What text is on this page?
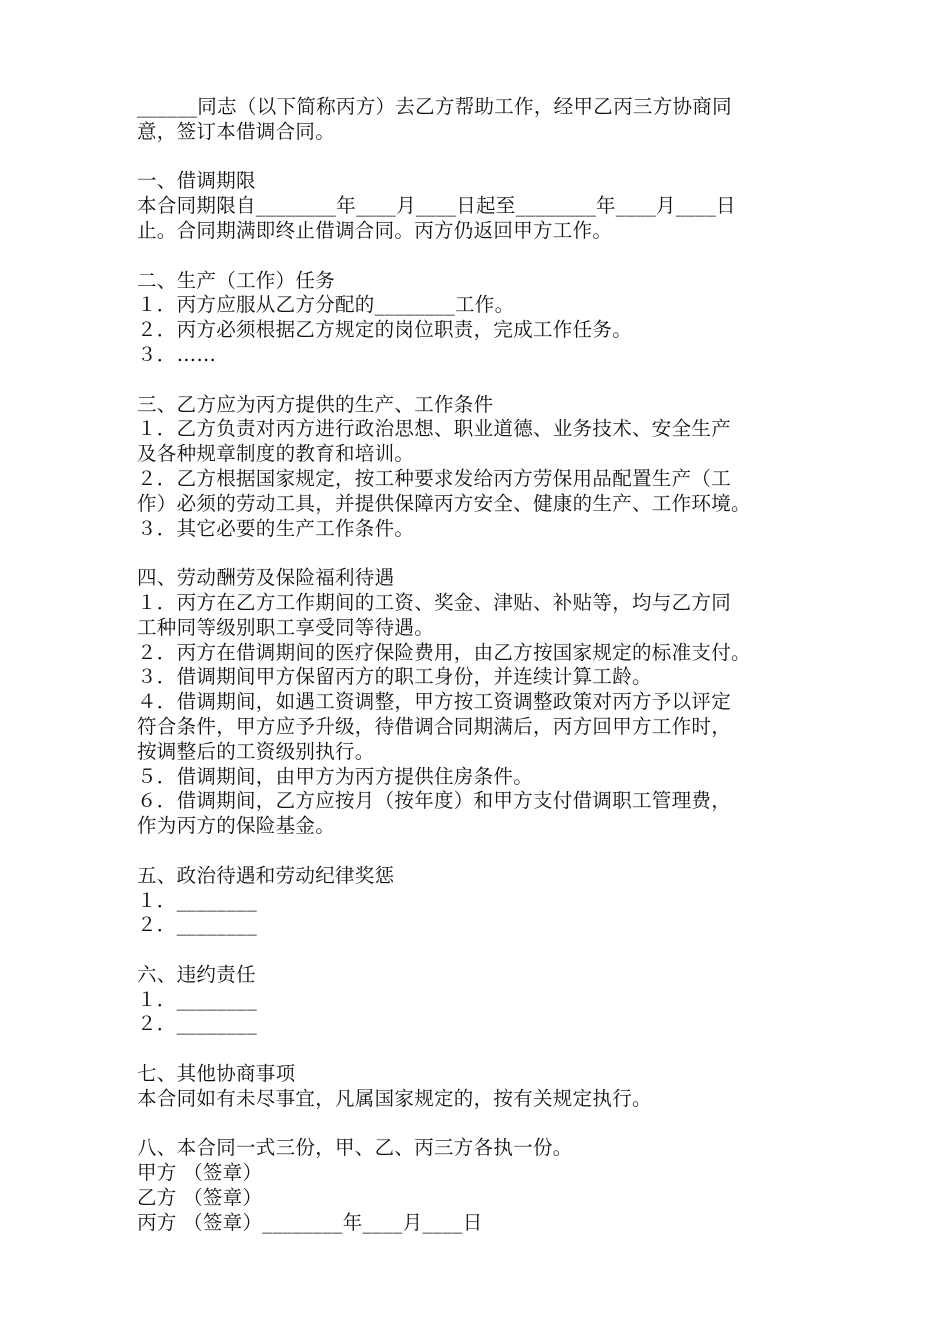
______同志（以下简称丙方）去乙方帮助工作，经甲乙丙三方协商同
意，签订本借调合同。
一、借调期限
本合同期限自________年____月____日起至________年____月____日
止。合同期满即终止借调合同。丙方仍返回甲方工作。
二、生产（工作）任务
１．丙方应服从乙方分配的________工作。
２．丙方必须根据乙方规定的岗位职责，完成工作任务。
３．……
三、乙方应为丙方提供的生产、工作条件
１．乙方负责对丙方进行政治思想、职业道德、业务技术、安全生产
及各种规章制度的教育和培训。
２．乙方根据国家规定，按工种要求发给丙方劳保用品配置生产（工
作）必须的劳动工具，并提供保障丙方安全、健康的生产、工作环境。
３．其它必要的生产工作条件。
四、劳动酬劳及保险福利待遇
１．丙方在乙方工作期间的工资、奖金、津贴、补贴等，均与乙方同
工种同等级别职工享受同等待遇。
２．丙方在借调期间的医疗保险费用，由乙方按国家规定的标准支付。
３．借调期间甲方保留丙方的职工身份，并连续计算工龄。
４．借调期间，如遇工资调整，甲方按工资调整政策对丙方予以评定
符合条件，甲方应予升级，待借调合同期满后，丙方回甲方工作时，
按调整后的工资级别执行。
５．借调期间，由甲方为丙方提供住房条件。
６．借调期间，乙方应按月（按年度）和甲方支付借调职工管理费，
作为丙方的保险基金。
五、政治待遇和劳动纪律奖惩
１．________
２．________
六、违约责任
１．________
２．________
七、其他协商事项
本合同如有未尽事宜，凡属国家规定的，按有关规定执行。
八、本合同一式三份，甲、乙、丙三方各执一份。
甲方 （签章）
乙方 （签章）
丙方 （签章）________年____月____日
